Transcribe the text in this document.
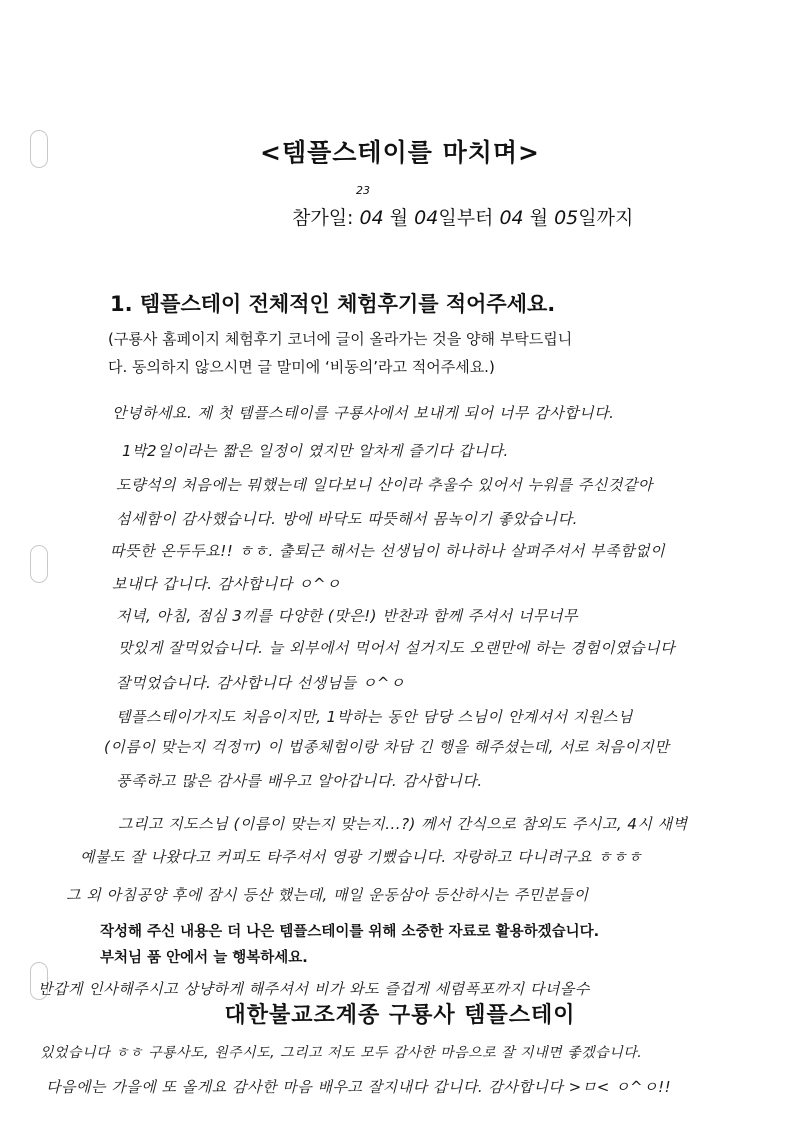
<템플스테이를 마치며>
23
참가일: 04 월 04일부터 04 월 05일까지
1. 템플스테이 전체적인 체험후기를 적어주세요.
(구룡사 홈페이지 체험후기 코너에 글이 올라가는 것을 양해 부탁드립니
다. 동의하지 않으시면 글 말미에 ‘비동의’라고 적어주세요.)
안녕하세요. 제 첫 템플스테이를 구룡사에서 보내게 되어 너무 감사합니다.
1박2일이라는 짧은 일정이 였지만 알차게 즐기다 갑니다.
도량석의 처음에는 뭐했는데 일다보니 산이라 추울수 있어서 누워를 주신것같아
섬세함이 감사했습니다. 방에 바닥도 따뜻해서 몸녹이기 좋았습니다.
따뜻한 온두두요!! ㅎㅎ. 출퇴근 해서는 선생님이 하나하나 살펴주셔서 부족함없이
보내다 갑니다. 감사합니다 ㅇ^ㅇ
저녁, 아침, 점심 3끼를 다양한 (맛은!) 반찬과 함께 주셔서 너무너무
맛있게 잘먹었습니다. 늘 외부에서 먹어서 설거지도 오랜만에 하는 경험이였습니다
잘먹었습니다. 감사합니다 선생님들 ㅇ^ㅇ
템플스테이가지도 처음이지만, 1박하는 동안 담당 스님이 안계셔서 지원스님
(이름이 맞는지 걱정ㅠ) 이 법종체험이랑 차담 긴 행을 해주셨는데, 서로 처음이지만
풍족하고 많은 감사를 배우고 알아갑니다. 감사합니다.
그리고 지도스님 (이름이 맞는지 맞는지...?) 께서 간식으로 참외도 주시고, 4시 새벽
예불도 잘 나왔다고 커피도 타주셔서 영광 기뻤습니다. 자랑하고 다니려구요 ㅎㅎㅎ
그 외 아침공양 후에 잠시 등산 했는데, 매일 운동삼아 등산하시는 주민분들이
작성해 주신 내용은 더 나은 템플스테이를 위해 소중한 자료로 활용하겠습니다.
부처님 품 안에서 늘 행복하세요.
반갑게 인사해주시고 상냥하게 해주셔서 비가 와도 즐겁게 세렴폭포까지 다녀올수
대한불교조계종 구룡사 템플스테이
있었습니다 ㅎㅎ 구룡사도, 원주시도, 그리고 저도 모두 감사한 마음으로 잘 지내면 좋겠습니다.
다음에는 가을에 또 올게요 감사한 마음 배우고 잘지내다 갑니다. 감사합니다 >ㅁ< ㅇ^ㅇ!!
